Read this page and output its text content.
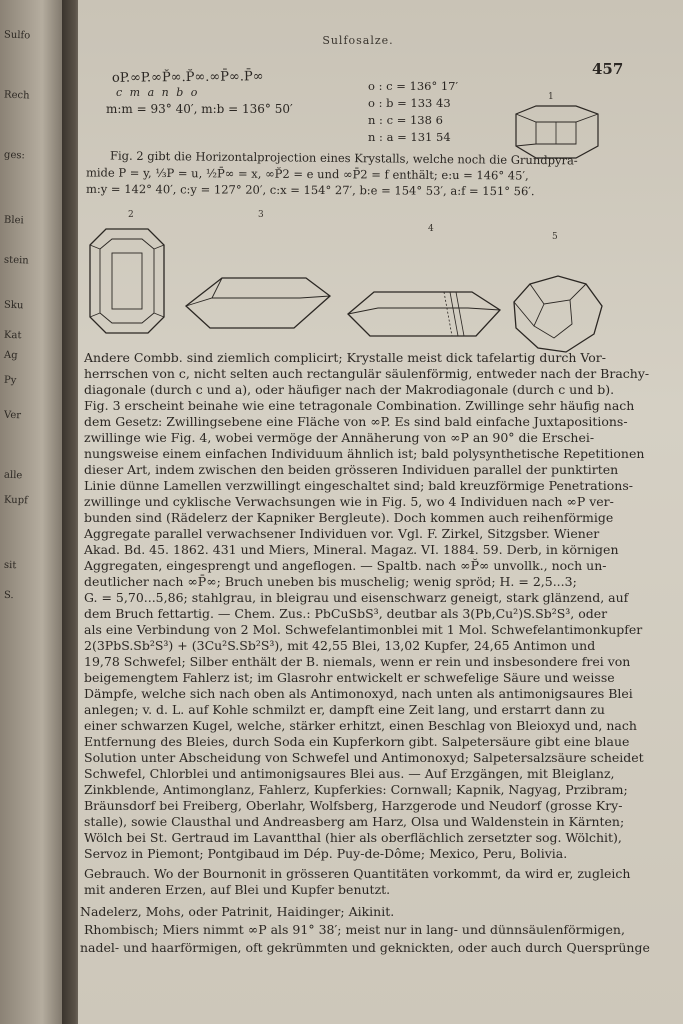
Sulfo
Rech
ges:
Blei
stein
Sku
Kat
Ag
Py
Ver
alle
Kupf
sit
S.
Sulfosalze.
457
oP.∞P.∞P̆∞.P̆∞.∞P̄∞.P̄∞
c m a n b o
m:m = 93° 40′, m:b = 136° 50′
o : c = 136° 17′
o : b = 133 43
n : c = 138 6
n : a = 131 54
1
Fig. 2 gibt die Horizontalprojection eines Krystalls, welche noch die Grundpyra-
mide P = y, ⅓P = u, ½P̄∞ = x, ∞P̆2 = e und ∞P̄2 = f enthält; e:u = 146° 45′,
m:y = 142° 40′, c:y = 127° 20′, c:x = 154° 27′, b:e = 154° 53′, a:f = 151° 56′.
2	3
4
5
Andere Combb. sind ziemlich complicirt; Krystalle meist dick tafelartig durch Vor-
herrschen von c, nicht selten auch rectangulär säulenförmig, entweder nach der Brachy-
diagonale (durch c und a), oder häufiger nach der Makrodiagonale (durch c und b).
Fig. 3 erscheint beinahe wie eine tetragonale Combination. Zwillinge sehr häufig nach
dem Gesetz: Zwillingsebene eine Fläche von ∞P. Es sind bald einfache Juxtapositions-
zwillinge wie Fig. 4, wobei vermöge der Annäherung von ∞P an 90° die Erschei-
nungsweise einem einfachen Individuum ähnlich ist; bald polysynthetische Repetitionen
dieser Art, indem zwischen den beiden grösseren Individuen parallel der punktirten
Linie dünne Lamellen verzwillingt eingeschaltet sind; bald kreuzförmige Penetrations-
zwillinge und cyklische Verwachsungen wie in Fig. 5, wo 4 Individuen nach ∞P ver-
bunden sind (Rädelerz der Kapniker Bergleute). Doch kommen auch reihenförmige
Aggregate parallel verwachsener Individuen vor. Vgl. F. Zirkel, Sitzgsber. Wiener
Akad. Bd. 45. 1862. 431 und Miers, Mineral. Magaz. VI. 1884. 59. Derb, in körnigen
Aggregaten, eingesprengt und angeflogen. — Spaltb. nach ∞P̆∞ unvollk., noch un-
deutlicher nach ∞P̄∞; Bruch uneben bis muschelig; wenig spröd; H. = 2,5...3;
G. = 5,70...5,86; stahlgrau, in bleigrau und eisenschwarz geneigt, stark glänzend, auf
dem Bruch fettartig. — Chem. Zus.: PbCuSbS³, deutbar als 3(Pb,Cu²)S.Sb²S³, oder
als eine Verbindung von 2 Mol. Schwefelantimonblei mit 1 Mol. Schwefelantimonkupfer
2(3PbS.Sb²S³) + (3Cu²S.Sb²S³), mit 42,55 Blei, 13,02 Kupfer, 24,65 Antimon und
19,78 Schwefel; Silber enthält der B. niemals, wenn er rein und insbesondere frei von
beigemengtem Fahlerz ist; im Glasrohr entwickelt er schwefelige Säure und weisse
Dämpfe, welche sich nach oben als Antimonoxyd, nach unten als antimonigsaures Blei
anlegen; v. d. L. auf Kohle schmilzt er, dampft eine Zeit lang, und erstarrt dann zu
einer schwarzen Kugel, welche, stärker erhitzt, einen Beschlag von Bleioxyd und, nach
Entfernung des Bleies, durch Soda ein Kupferkorn gibt. Salpetersäure gibt eine blaue
Solution unter Abscheidung von Schwefel und Antimonoxyd; Salpetersalzsäure scheidet
Schwefel, Chlorblei und antimonigsaures Blei aus. — Auf Erzgängen, mit Bleiglanz,
Zinkblende, Antimonglanz, Fahlerz, Kupferkies: Cornwall; Kapnik, Nagyag, Przibram;
Bräunsdorf bei Freiberg, Oberlahr, Wolfsberg, Harzgerode und Neudorf (grosse Kry-
stalle), sowie Clausthal und Andreasberg am Harz, Olsa und Waldenstein in Kärnten;
Wölch bei St. Gertraud im Lavantthal (hier als oberflächlich zersetzter sog. Wölchit),
Servoz in Piemont; Pontgibaud im Dép. Puy-de-Dôme; Mexico, Peru, Bolivia.
Gebrauch. Wo der Bournonit in grösseren Quantitäten vorkommt, da wird er, zugleich
mit anderen Erzen, auf Blei und Kupfer benutzt.
Nadelerz, Mohs, oder Patrinit, Haidinger; Aikinit.
Rhombisch; Miers nimmt ∞P als 91° 38′; meist nur in lang- und dünnsäulenförmigen,
nadel- und haarförmigen, oft gekrümmten und geknickten, oder auch durch Quersprünge
